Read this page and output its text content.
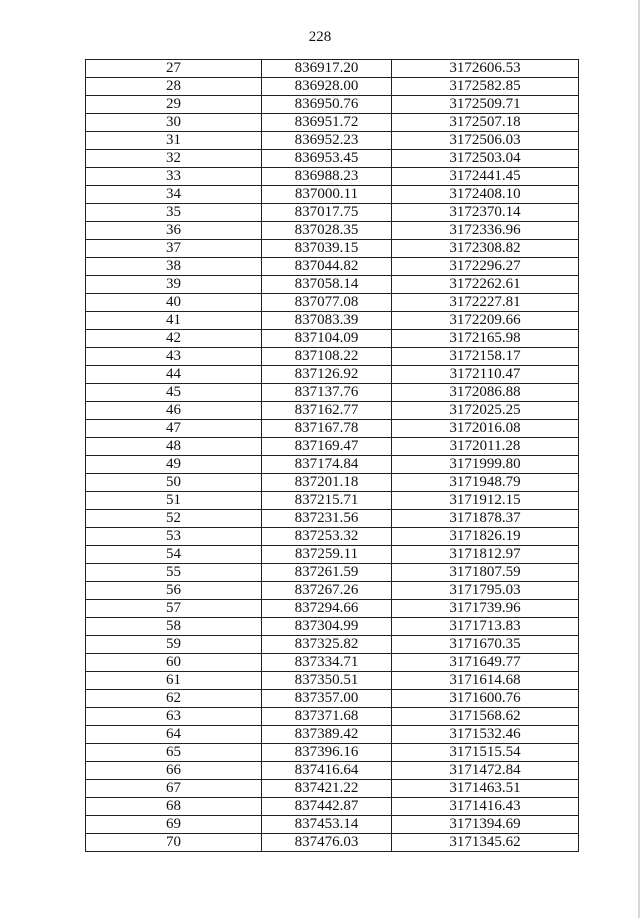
228
27	836917.20	3172606.53
28	836928.00	3172582.85
29	836950.76	3172509.71
30	836951.72	3172507.18
31	836952.23	3172506.03
32	836953.45	3172503.04
33	836988.23	3172441.45
34	837000.11	3172408.10
35	837017.75	3172370.14
36	837028.35	3172336.96
37	837039.15	3172308.82
38	837044.82	3172296.27
39	837058.14	3172262.61
40	837077.08	3172227.81
41	837083.39	3172209.66
42	837104.09	3172165.98
43	837108.22	3172158.17
44	837126.92	3172110.47
45	837137.76	3172086.88
46	837162.77	3172025.25
47	837167.78	3172016.08
48	837169.47	3172011.28
49	837174.84	3171999.80
50	837201.18	3171948.79
51	837215.71	3171912.15
52	837231.56	3171878.37
53	837253.32	3171826.19
54	837259.11	3171812.97
55	837261.59	3171807.59
56	837267.26	3171795.03
57	837294.66	3171739.96
58	837304.99	3171713.83
59	837325.82	3171670.35
60	837334.71	3171649.77
61	837350.51	3171614.68
62	837357.00	3171600.76
63	837371.68	3171568.62
64	837389.42	3171532.46
65	837396.16	3171515.54
66	837416.64	3171472.84
67	837421.22	3171463.51
68	837442.87	3171416.43
69	837453.14	3171394.69
70	837476.03	3171345.62
